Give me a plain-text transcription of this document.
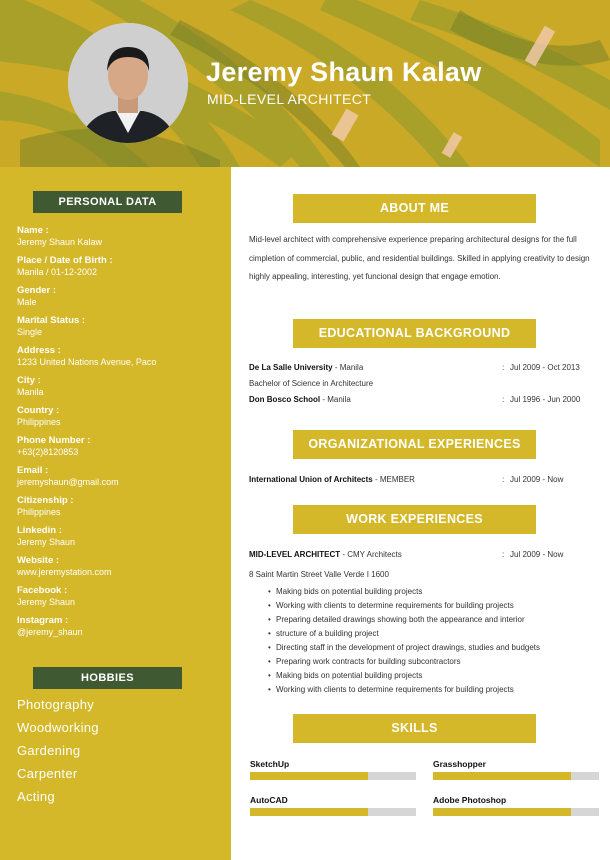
Jeremy Shaun Kalaw
MID-LEVEL ARCHITECT
PERSONAL DATA
Name :
Jeremy Shaun Kalaw
Place / Date of Birth :
Manila / 01-12-2002
Gender :
Male
Marital Status :
Single
Address :
1233 United Nations Avenue, Paco
City :
Manila
Country :
Philippines
Phone Number :
+63(2)8120853
Email :
jeremyshaun@gmail.com
Citizenship :
Philippines
Linkedin :
Jeremy Shaun
Website :
www.jeremystation.com
Facebook :
Jeremy Shaun
Instagram :
@jeremy_shaun
HOBBIES
Photography
Woodworking
Gardening
Carpenter
Acting
ABOUT ME
Mid-level architect with comprehensive experience preparing architectural designs for the full cimpletion of commercial, public, and residential buildings. Skilled in applying creativity to design highly appealing, interesting, yet funcional design that engage emotion.
EDUCATIONAL BACKGROUND
De La Salle University - Manila	: Jul 2009 - Oct 2013
Bachelor of Science in Architecture
Don Bosco School - Manila	: Jul 1996 - Jun 2000
ORGANIZATIONAL EXPERIENCES
International Union of Architects - MEMBER	: Jul 2009 - Now
WORK EXPERIENCES
MID-LEVEL ARCHITECT - CMY Architects	: Jul 2009 - Now
8 Saint Martin Street Valle Verde I 1600
• Making bids on potential building projects
• Working with clients to determine requirements for building projects
• Preparing detailed drawings showing both the appearance and interior
• structure of a building project
• Directing staff in the development of project drawings, studies and budgets
• Preparing work contracts for building subcontractors
• Making bids on potential building projects
• Working with clients to determine requirements for building projects
SKILLS
SketchUp	Grasshopper
AutoCAD	Adobe Photoshop
